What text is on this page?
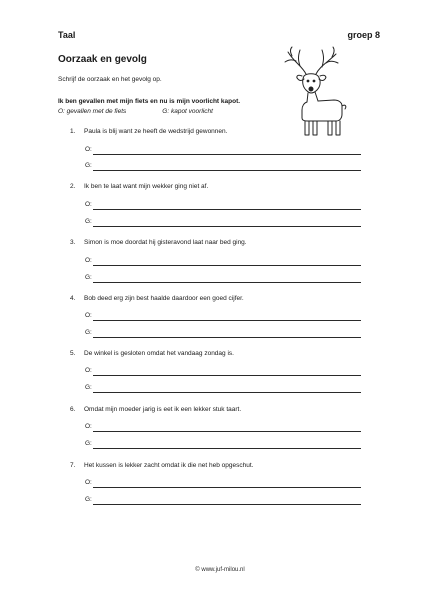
Taal	groep 8
Oorzaak en gevolg
Schrijf de oorzaak en het gevolg op.
Ik ben gevallen met mijn fiets en nu is mijn voorlicht kapot.
O: gevallen met de fiets	G: kapot voorlicht
1. Paula is blij want ze heeft de wedstrijd gewonnen.
O:
G:
2. Ik ben te laat want mijn wekker ging niet af.
O:
G:
3. Simon is moe doordat hij gisteravond laat naar bed ging.
O:
G:
4. Bob deed erg zijn best haalde daardoor een goed cijfer.
O:
G:
5. De winkel is gesloten omdat het vandaag zondag is.
O:
G:
6. Omdat mijn moeder jarig is eet ik een lekker stuk taart.
O:
G:
7. Het kussen is lekker zacht omdat ik die net heb opgeschut.
O:
G:
© www.juf-milou.nl
